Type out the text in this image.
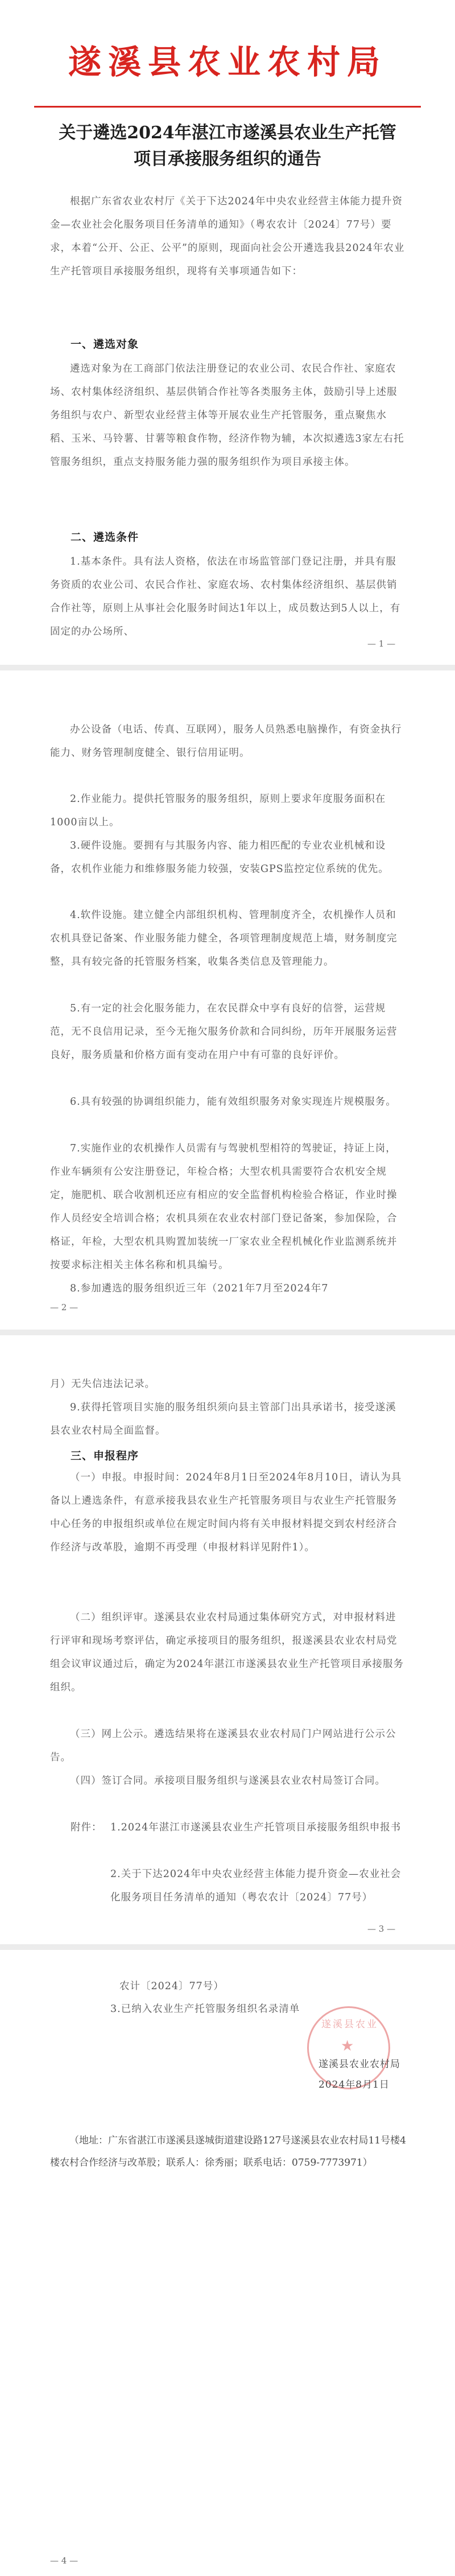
遂溪县农业农村局
关于遴选2024年湛江市遂溪县农业生产托管
项目承接服务组织的通告
根据广东省农业农村厅《关于下达2024年中央农业经营主体能力提升资金—农业社会化服务项目任务清单的通知》（粤农农计〔2024〕77号）要求，本着“公开、公正、公平”的原则，现面向社会公开遴选我县2024年农业生产托管项目承接服务组织，现将有关事项通告如下：
一、遴选对象
遴选对象为在工商部门依法注册登记的农业公司、农民合作社、家庭农场、农村集体经济组织、基层供销合作社等各类服务主体，鼓励引导上述服务组织与农户、新型农业经营主体等开展农业生产托管服务，重点聚焦水稻、玉米、马铃薯、甘薯等粮食作物，经济作物为辅，本次拟遴选3家左右托管服务组织，重点支持服务能力强的服务组织作为项目承接主体。
二、遴选条件
1.基本条件。具有法人资格，依法在市场监管部门登记注册，并具有服务资质的农业公司、农民合作社、家庭农场、农村集体经济组织、基层供销合作社等，原则上从事社会化服务时间达1年以上，成员数达到5人以上，有固定的办公场所、
— 1 —
办公设备（电话、传真、互联网），服务人员熟悉电脑操作，有资金执行能力、财务管理制度健全、银行信用证明。
2.作业能力。提供托管服务的服务组织，原则上要求年度服务面积在1000亩以上。
3.硬件设施。要拥有与其服务内容、能力相匹配的专业农业机械和设备，农机作业能力和维修服务能力较强，安装GPS监控定位系统的优先。
4.软件设施。建立健全内部组织机构、管理制度齐全，农机操作人员和农机具登记备案、作业服务能力健全，各项管理制度规范上墙，财务制度完整，具有较完备的托管服务档案，收集各类信息及管理能力。
5.有一定的社会化服务能力，在农民群众中享有良好的信誉，运营规范，无不良信用记录，至今无拖欠服务价款和合同纠纷，历年开展服务运营良好，服务质量和价格方面有变动在用户中有可靠的良好评价。
6.具有较强的协调组织能力，能有效组织服务对象实现连片规模服务。
7.实施作业的农机操作人员需有与驾驶机型相符的驾驶证，持证上岗，作业车辆须有公安注册登记，年检合格；大型农机具需要符合农机安全规定，施肥机、联合收割机还应有相应的安全监督机构检验合格证，作业时操作人员经安全培训合格；农机具须在农业农村部门登记备案，参加保险，合格证，年检，大型农机具购置加装统一厂家农业全程机械化作业监测系统并按要求标注相关主体名称和机具编号。
8.参加遴选的服务组织近三年（2021年7月至2024年7
— 2 —
月）无失信违法记录。
9.获得托管项目实施的服务组织须向县主管部门出具承诺书，接受遂溪县农业农村局全面监督。
三、申报程序
（一）申报。申报时间：2024年8月1日至2024年8月10日，请认为具备以上遴选条件，有意承接我县农业生产托管服务项目与农业生产托管服务中心任务的申报组织或单位在规定时间内将有关申报材料提交到农村经济合作经济与改革股，逾期不再受理（申报材料详见附件1）。
（二）组织评审。遂溪县农业农村局通过集体研究方式，对申报材料进行评审和现场考察评估，确定承接项目的服务组织，报遂溪县农业农村局党组会议审议通过后，确定为2024年湛江市遂溪县农业生产托管项目承接服务组织。
（三）网上公示。遴选结果将在遂溪县农业农村局门户网站进行公示公告。
（四）签订合同。承接项目服务组织与遂溪县农业农村局签订合同。
附件： 1.2024年湛江市遂溪县农业生产托管项目承接服务组织申报书
2.关于下达2024年中央农业经营主体能力提升资金—农业社会化服务项目任务清单的通知（粤农农计〔2024〕77号）
— 3 —
农计〔2024〕77号）
3.已纳入农业生产托管服务组织名录清单
遂溪县农业
★
遂溪县农业农村局
2024年8月1日
（地址：广东省湛江市遂溪县遂城街道建设路127号遂溪县农业农村局11号楼4楼农村合作经济与改革股；联系人：徐秀丽；联系电话：0759-7773971）
— 4 —
